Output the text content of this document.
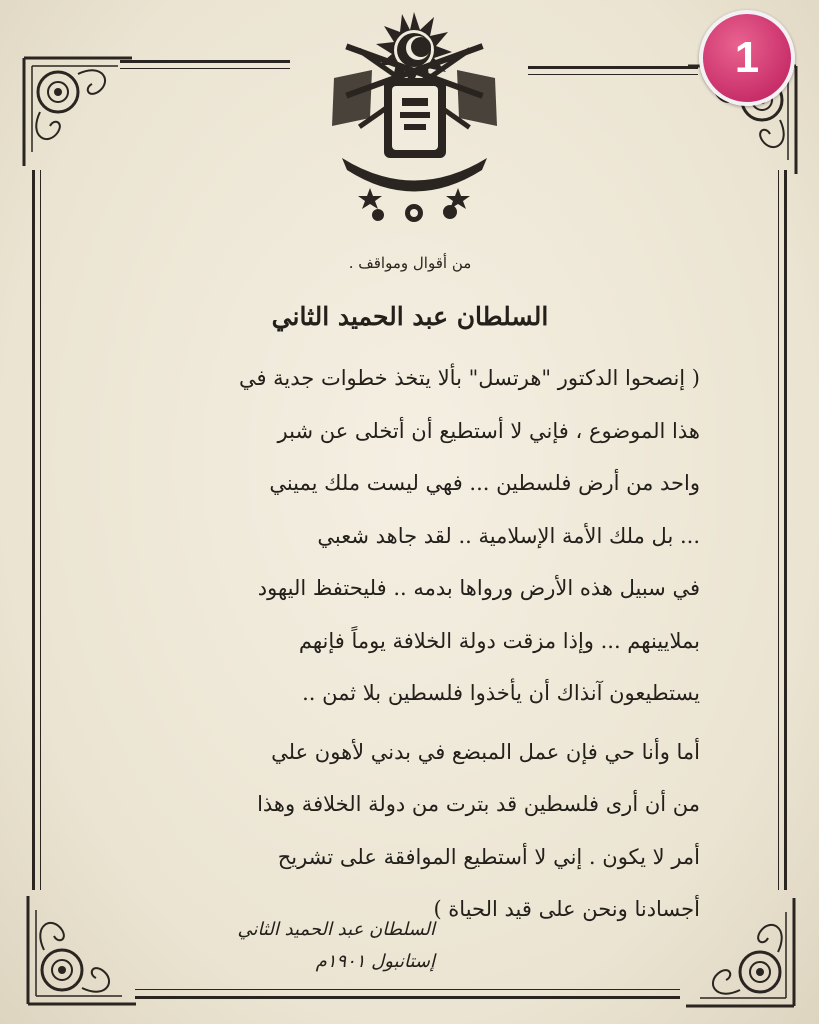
1
من أقوال ومواقف .
السلطان عبد الحميد الثاني
( إنصحوا الدكتور "هرتسل" بألا يتخذ خطوات جدية في
هذا الموضوع ، فإني لا أستطيع أن أتخلى عن شبر
واحد من أرض فلسطين ... فهي ليست ملك يميني
... بل ملك الأمة الإسلامية .. لقد جاهد شعبي
في سبيل هذه الأرض ورواها بدمه .. فليحتفظ اليهود
بملايينهم ... وإذا مزقت دولة الخلافة يوماً فإنهم
يستطيعون آنذاك أن يأخذوا فلسطين بلا ثمن ..
أما وأنا حي فإن عمل المبضع في بدني لأهون علي
من أن أرى فلسطين قد بترت من دولة الخلافة وهذا
أمر لا يكون . إني لا أستطيع الموافقة على تشريح
أجسادنا ونحن على قيد الحياة )
السلطان عبد الحميد الثاني
إستانبول ١٩٠١م
